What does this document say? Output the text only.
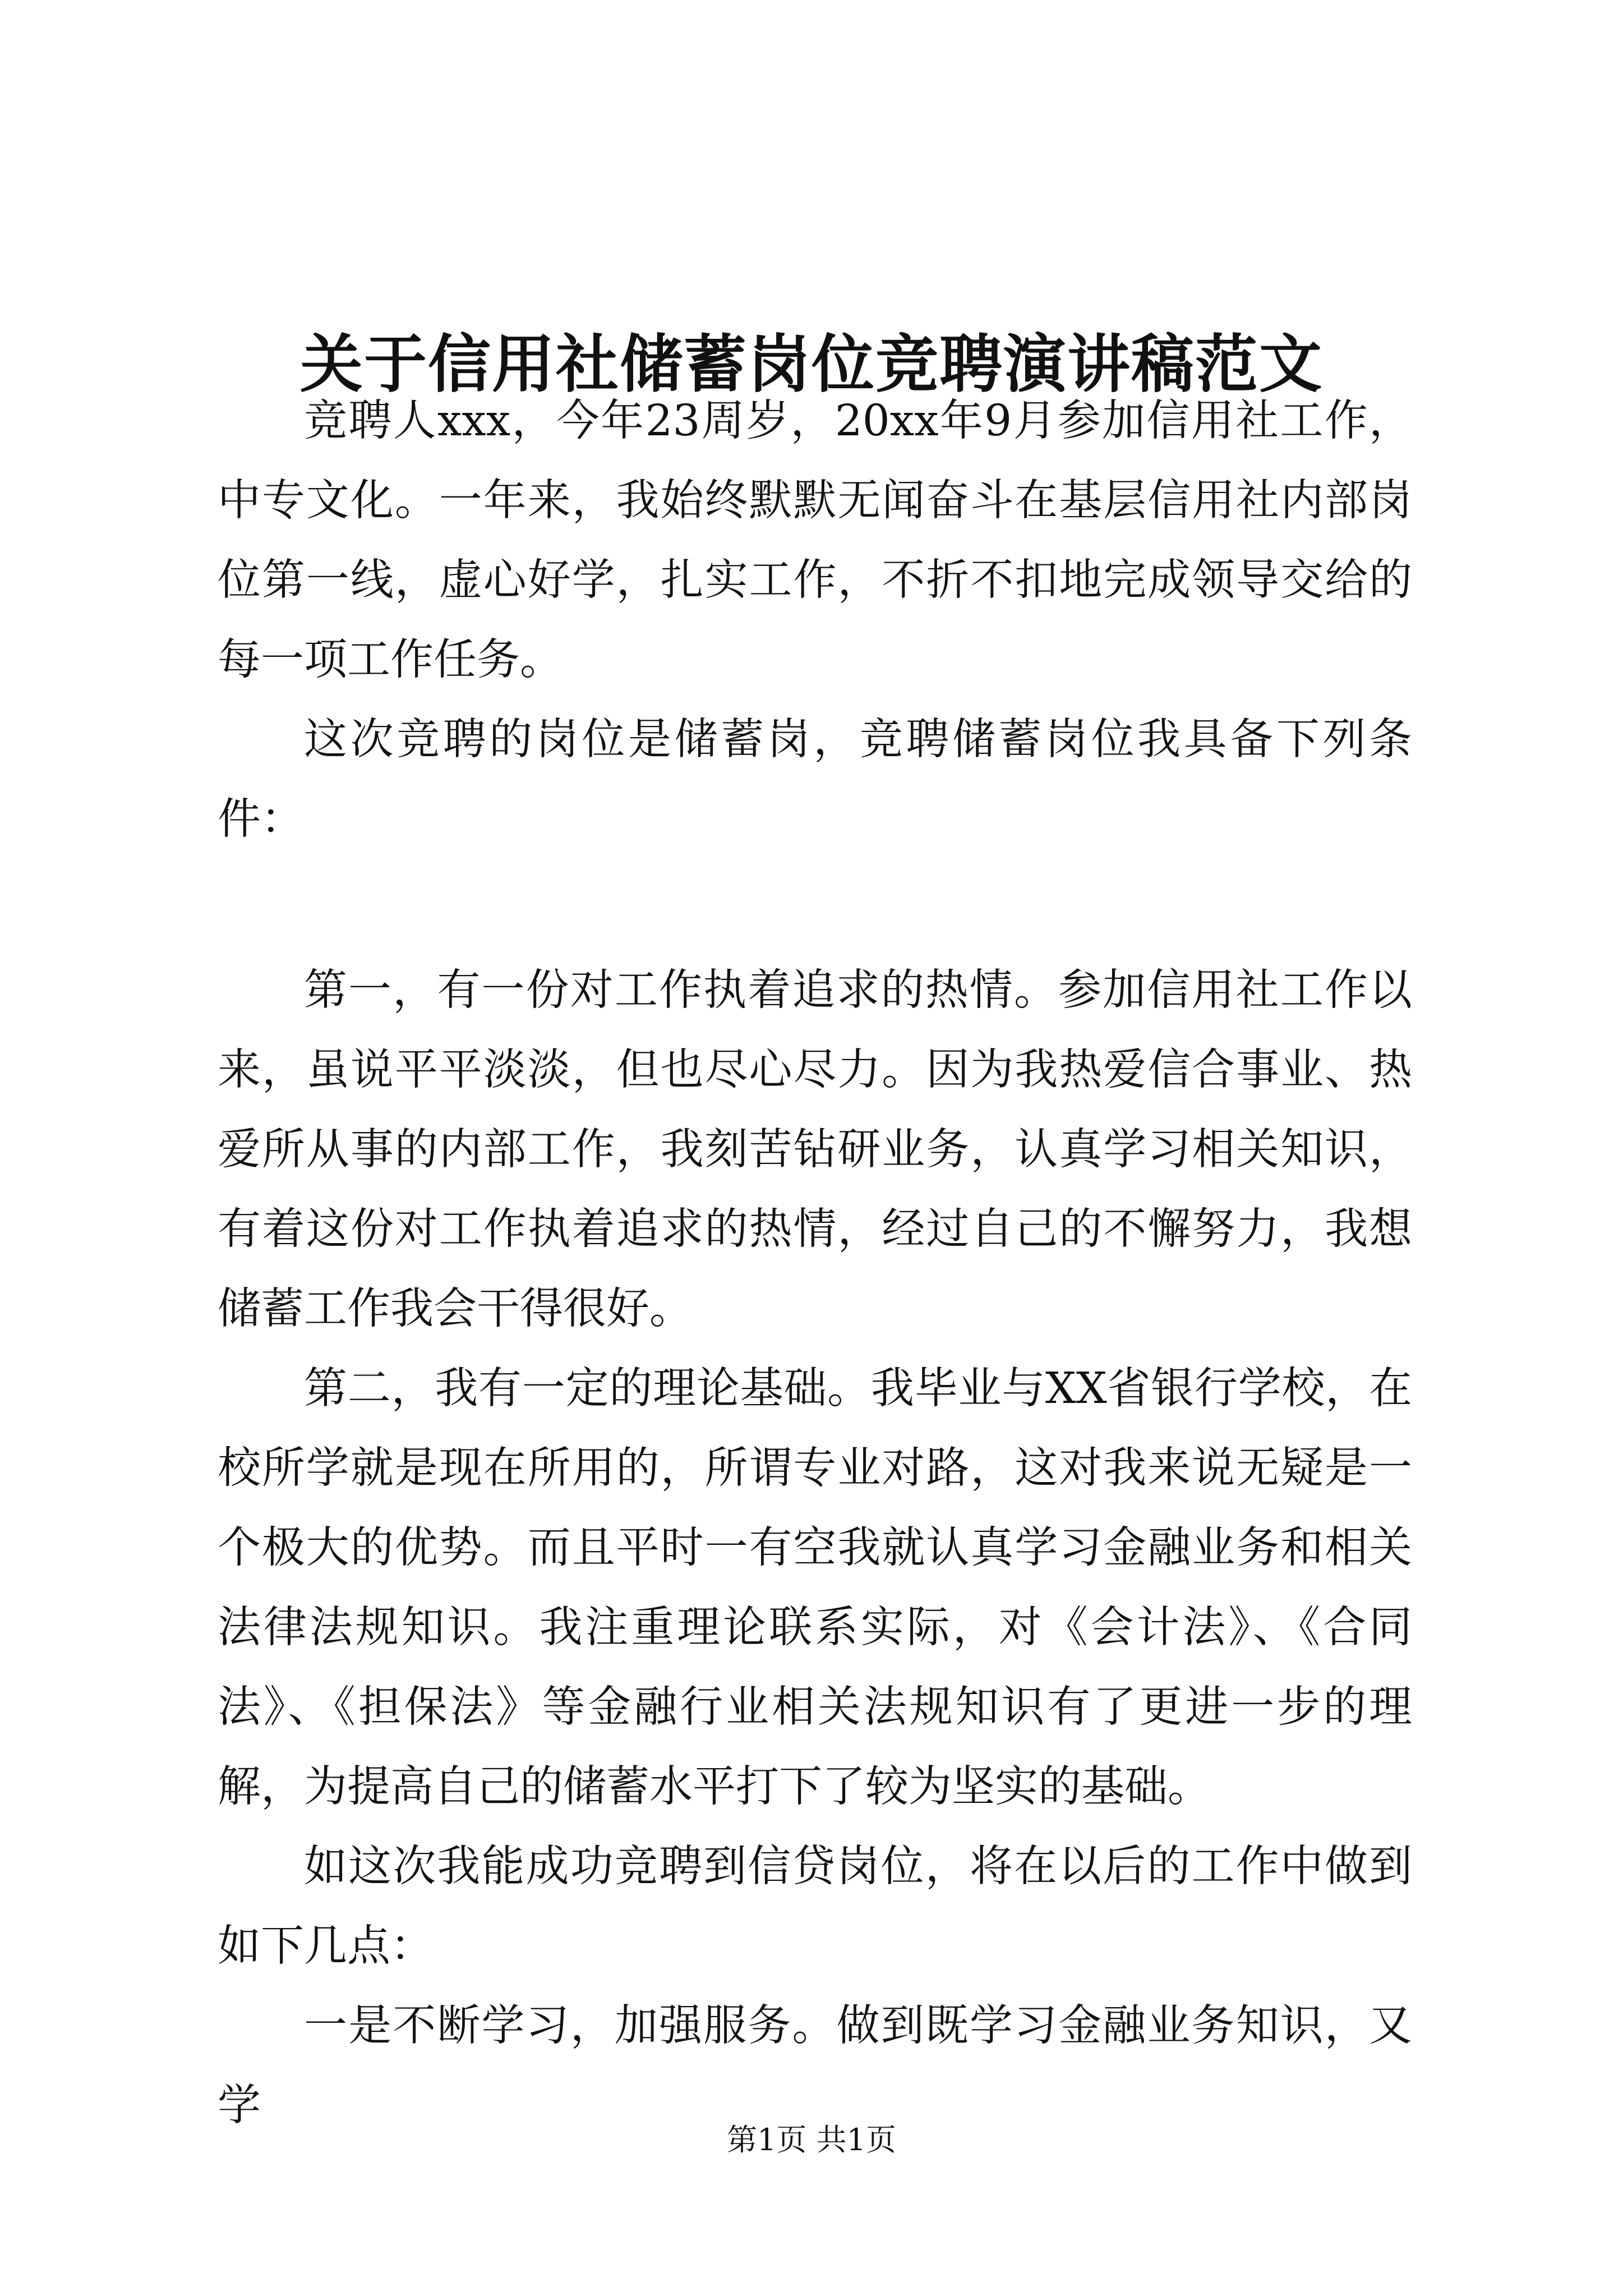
关于信用社储蓄岗位竞聘演讲稿范文

竞聘人xxx，今年23周岁，20xx年9月参加信用社工作，中专文化。一年来，我始终默默无闻奋斗在基层信用社内部岗位第一线，虚心好学，扎实工作，不折不扣地完成领导交给的每一项工作任务。

这次竞聘的岗位是储蓄岗，竞聘储蓄岗位我具备下列条件：

第一，有一份对工作执着追求的热情。参加信用社工作以来，虽说平平淡淡，但也尽心尽力。因为我热爱信合事业、热爱所从事的内部工作，我刻苦钻研业务，认真学习相关知识，有着这份对工作执着追求的热情，经过自己的不懈努力，我想储蓄工作我会干得很好。

第二，我有一定的理论基础。我毕业与XX省银行学校，在校所学就是现在所用的，所谓专业对路，这对我来说无疑是一个极大的优势。而且平时一有空我就认真学习金融业务和相关法律法规知识。我注重理论联系实际，对《会计法》、《合同法》、《担保法》等金融行业相关法规知识有了更进一步的理解，为提高自己的储蓄水平打下了较为坚实的基础。

如这次我能成功竞聘到信贷岗位，将在以后的工作中做到如下几点：

一是不断学习，加强服务。做到既学习金融业务知识，又学

第1页 共1页
